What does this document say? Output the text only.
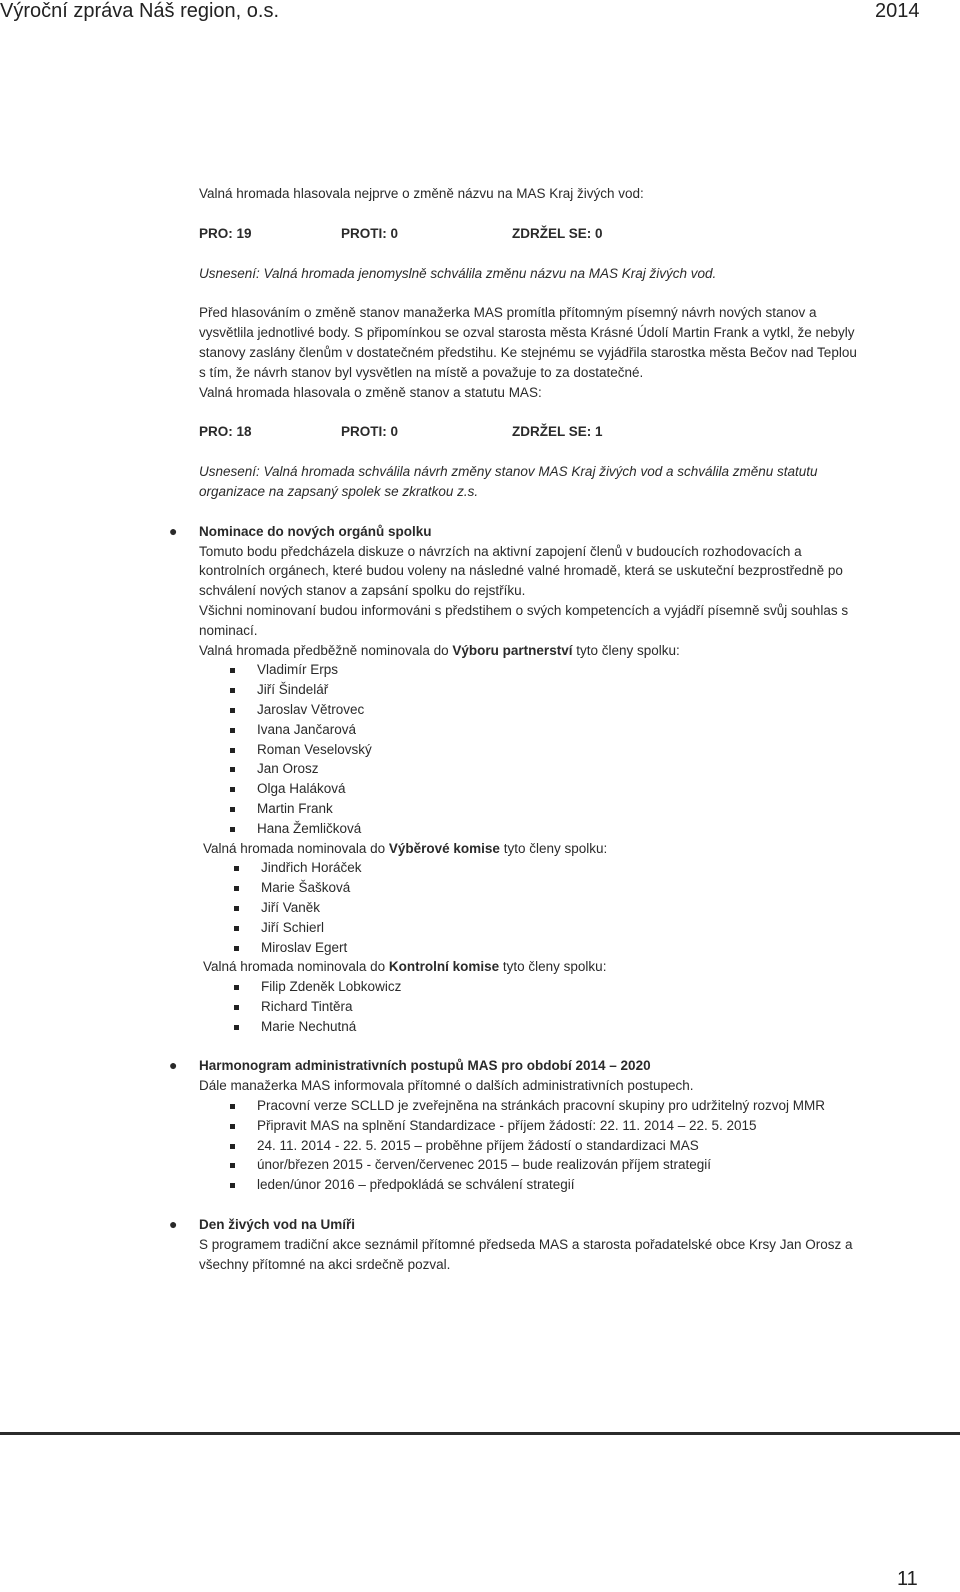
Výroční zpráva Náš region, o.s.	2014

Valná hromada hlasovala nejprve o změně názvu na MAS Kraj živých vod:

PRO: 19	PROTI: 0	ZDRŽEL SE: 0

Usnesení: Valná hromada jenomyslně schválila změnu názvu na MAS Kraj živých vod.

Před hlasováním o změně stanov manažerka MAS promítla přítomným písemný návrh nových stanov a vysvětlila jednotlivé body. S připomínkou se ozval starosta města Krásné Údolí Martin Frank a vytkl, že nebyly stanovy zaslány členům v dostatečném předstihu. Ke stejnému se vyjádřila starostka města Bečov nad Teplou s tím, že návrh stanov byl vysvětlen na místě a považuje to za dostatečné.

Valná hromada hlasovala o změně stanov a statutu MAS:

PRO: 18	PROTI: 0	ZDRŽEL SE: 1

Usnesení: Valná hromada schválila návrh změny stanov MAS Kraj živých vod a schválila změnu statutu organizace na zapsaný spolek se zkratkou z.s.

● Nominace do nových orgánů spolku

Tomuto bodu předcházela diskuze o návrzích na aktivní zapojení členů v budoucích rozhodovacích a kontrolních orgánech, které budou voleny na následné valné hromadě, která se uskuteční bezprostředně po schválení nových stanov a zapsání spolku do rejstříku.

Všichni nominovaní budou informováni s předstihem o svých kompetencích a vyjádří písemně svůj souhlas s nominací.

Valná hromada předběžně nominovala do Výboru partnerství tyto členy spolku:

Vladimír Erps
Jiří Šindelář
Jaroslav Větrovec
Ivana Jančarová
Roman Veselovský
Jan Orosz
Olga Haláková
Martin Frank
Hana Žemličková

Valná hromada nominovala do Výběrové komise tyto členy spolku:

Jindřich Horáček
Marie Šašková
Jiří Vaněk
Jiří Schierl
Miroslav Egert

Valná hromada nominovala do Kontrolní komise tyto členy spolku:

Filip Zdeněk Lobkowicz
Richard Tintěra
Marie Nechutná
● Harmonogram administrativních postupů MAS pro období 2014 – 2020

Dále manažerka MAS informovala přítomné o dalších administrativních postupech.

Pracovní verze SCLLD je zveřejněna na stránkách pracovní skupiny pro udržitelný rozvoj MMR
Připravit MAS na splnění Standardizace - příjem žádostí: 22. 11. 2014 – 22. 5. 2015
24. 11. 2014 - 22. 5. 2015 – proběhne příjem žádostí o standardizaci MAS
únor/březen 2015 - červen/červenec 2015 – bude realizován příjem strategií
leden/únor 2016 – předpokládá se schválení strategií
● Den živých vod na Umíři

S programem tradiční akce seznámil přítomné předseda MAS a starosta pořadatelské obce Krsy Jan Orosz a všechny přítomné na akci srdečně pozval.

11
